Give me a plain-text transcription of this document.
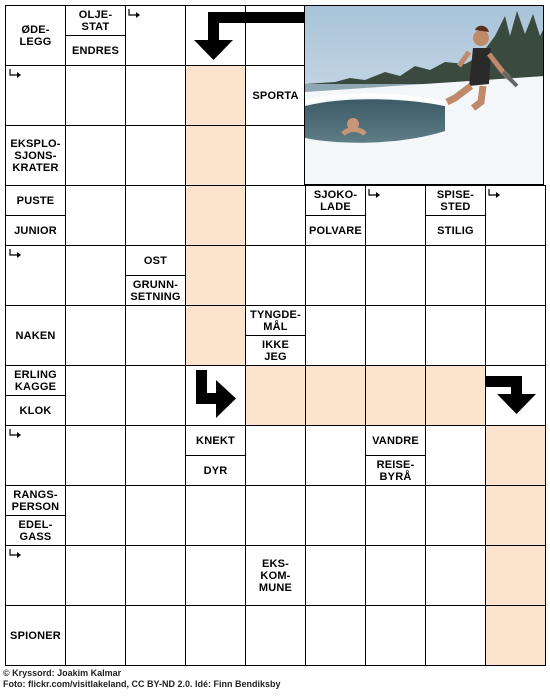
ØDE-
LEGG
OLJE-
STAT
ENDRES
SPORTA
EKSPLO-
SJONS-
KRATER
PUSTE
JUNIOR
SJOKO-
LADE
POLVARE
SPISE-
STED
STILIG
OST
GRUNN-
SETNING
NAKEN
TYNGDE-
MÅL
IKKE
JEG
ERLING
KAGGE
KLOK
KNEKT
DYR
VANDRE
REISE-
BYRÅ
RANGS-
PERSON
EDEL-
GASS
EKS-
KOM-
MUNE
SPIONER
© Kryssord: Joakim Kalmar
Foto: flickr.com/visitlakeland, CC BY-ND 2.0. Idé: Finn Bendiksby
